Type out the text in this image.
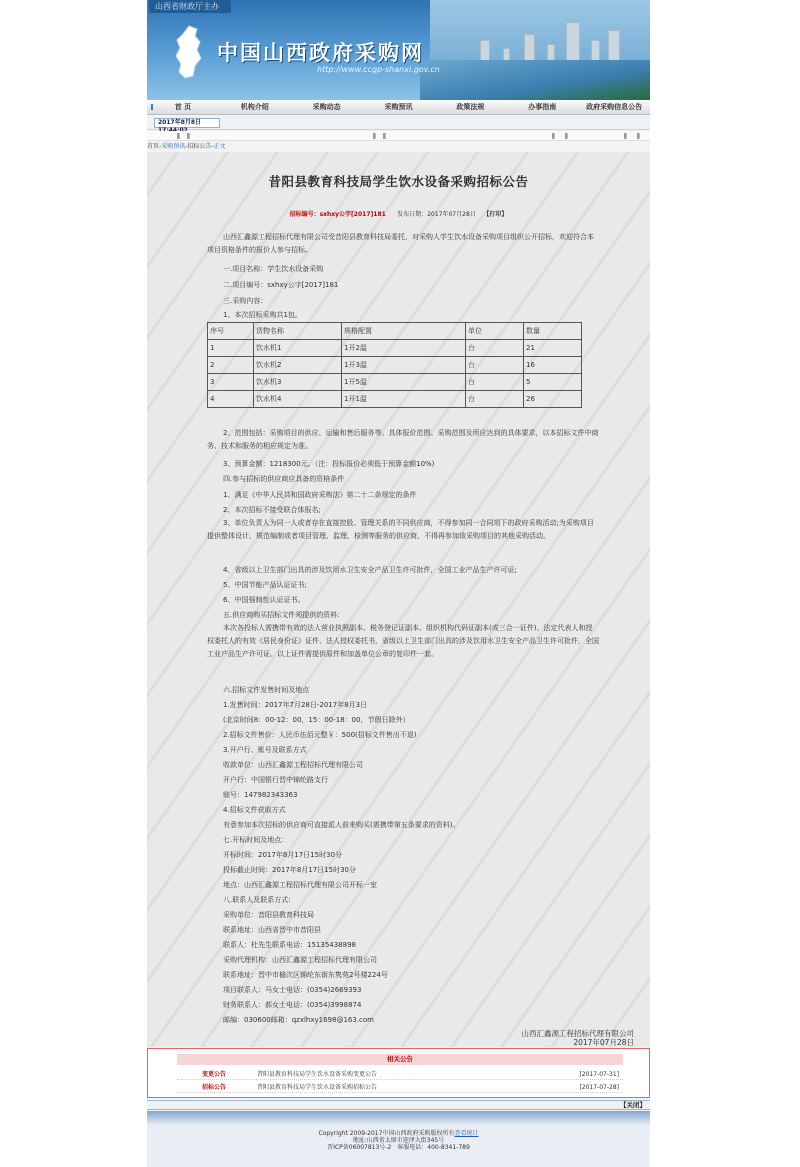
山西省财政厅主办
中国山西政府采购网
http://www.ccgp-shanxi.gov.cn
首 页	机构介绍	采购动态	采购预讯	政策法规	办事指南	政府采购信息公告
2017年8月8日
首页-采购预讯-招标公告-正文
昔阳县教育科技局学生饮水设备采购招标公告
招标编号：sxhxy公字[2017]181 发布日期：2017年07月28日 【打印】
山西汇鑫源工程招标代理有限公司受昔阳县教育科技局委托，对采购人学生饮水设备采购项目组织公开招标，欢迎符合本项目资格条件的报价人参与招标。
一.项目名称：学生饮水设备采购
二.项目编号：sxhxy公字[2017]181
三.采购内容：
1、本次招标采购共1包。
序号	货物名称	规格配置	单位	数量
1	饮水机1	1开2温	台	21
2	饮水机2	1开3温	台	16
3	饮水机3	1开5温	台	5
4	饮水机4	1开1温	台	26
2、范围包括：采购项目的供应、运输和售后服务等。具体报价范围、采购范围及所应达到的具体要求，以本招标文件中商务、技术和服务的相应规定为准。
3、预算金额：1218300元。（注：投标报价必须低于预算金额10%)
四.参与招标的供应商应具备的资格条件
1、满足《中华人民共和国政府采购法》第二十二条规定的条件
2、本次招标不接受联合体报名;
3、单位负责人为同一人或者存在直接控股、管理关系的不同供应商，不得参加同一合同项下的政府采购活动;为采购项目提供整体设计、规范编制或者项目管理、监理、检测等服务的供应商，不得再参加该采购项目的其他采购活动。
4、省级以上卫生部门出具的涉及饮用水卫生安全产品卫生许可批件，全国工业产品生产许可证;
5、中国节能产品认证证书;
6、中国强制性认证证书。
五.供应商购买招标文件须提供的资料:
本次各投标人需携带有效的法人营业执照副本、税务登记证副本、组织机构代码证副本(或三合一证件)、法定代表人和授权委托人的有效《居民身份证》证件、法人授权委托书，省级以上卫生部门出具的涉及饮用水卫生安全产品卫生许可批件，全国工业产品生产许可证。以上证件需提供原件和加盖单位公章的复印件一套。
六.招标文件发售时间及地点
1.发售时间：2017年7月28日-2017年8月3日
(北京时间8：00-12：00，15：00-18：00，节假日除外）
2.招标文件售价：人民币伍佰元整￥：500(招标文件售出不退)
3.开户行、账号及联系方式
收款单位：山西汇鑫源工程招标代理有限公司
开户行：中国银行晋中锦纶路支行
账号：147982343363
4.招标文件获取方式
有意参加本次招标的供应商可直接派人前来购买(需携带第五条要求的资料)。
七.开标时间及地点：
开标时间：2017年8月17日15时30分
投标截止时间：2017年8月17日15时30分
地点：山西汇鑫源工程招标代理有限公司开标一室
八.联系人及联系方式:
采购单位：昔阳县教育科技局
联系地址：山西省晋中市昔阳县
联系人：杜先生联系电话：15135438898
采购代理机构：山西汇鑫源工程招标代理有限公司
联系地址：晋中市榆次区锦纶东街东隽苑2号楼224号
项目联系人：马女士电话：(0354)2669393
财务联系人：郝女士电话：(0354)3998874
邮编：030600邮箱：qzxlhxy1698@163.com
山西汇鑫源工程招标代理有限公司
2017年07月28日
相关公告
变更公告	昔阳县教育科技局学生饮水设备采购变更公告	[2017-07-31]
招标公告	昔阳县教育科技局学生饮水设备采购招标公告	[2017-07-28]
【关闭】
Copyright 2009-2017中国山西政府采购版权所有查看统计
地址:山西省太原市迎泽大街345号
晋ICP备06007813号-2　客服电话：400-8341-789
